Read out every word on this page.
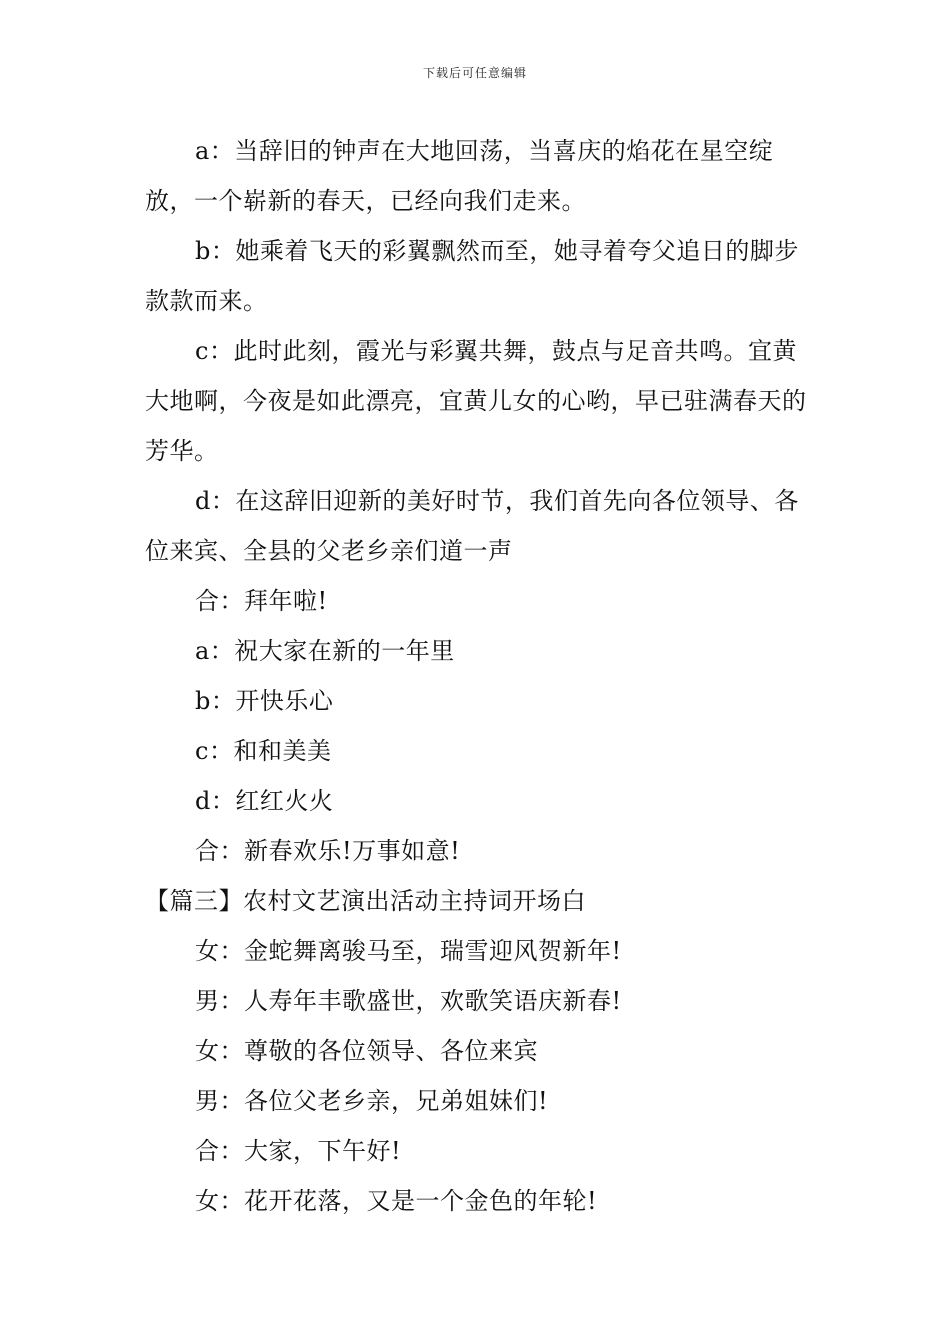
下载后可任意编辑

a：当辞旧的钟声在大地回荡，当喜庆的焰花在星空绽放，一个崭新的春天，已经向我们走来。

b：她乘着飞天的彩翼飘然而至，她寻着夸父追日的脚步款款而来。

c：此时此刻，霞光与彩翼共舞，鼓点与足音共鸣。宜黄大地啊，今夜是如此漂亮，宜黄儿女的心哟，早已驻满春天的芳华。

d：在这辞旧迎新的美好时节，我们首先向各位领导、各位来宾、全县的父老乡亲们道一声

合：拜年啦!

a：祝大家在新的一年里

b：开快乐心

c：和和美美

d：红红火火

合：新春欢乐!万事如意!

【篇三】农村文艺演出活动主持词开场白

女：金蛇舞离骏马至，瑞雪迎风贺新年!

男：人寿年丰歌盛世，欢歌笑语庆新春!

女：尊敬的各位领导、各位来宾

男：各位父老乡亲，兄弟姐妹们!

合：大家，下午好!

女：花开花落，又是一个金色的年轮!
